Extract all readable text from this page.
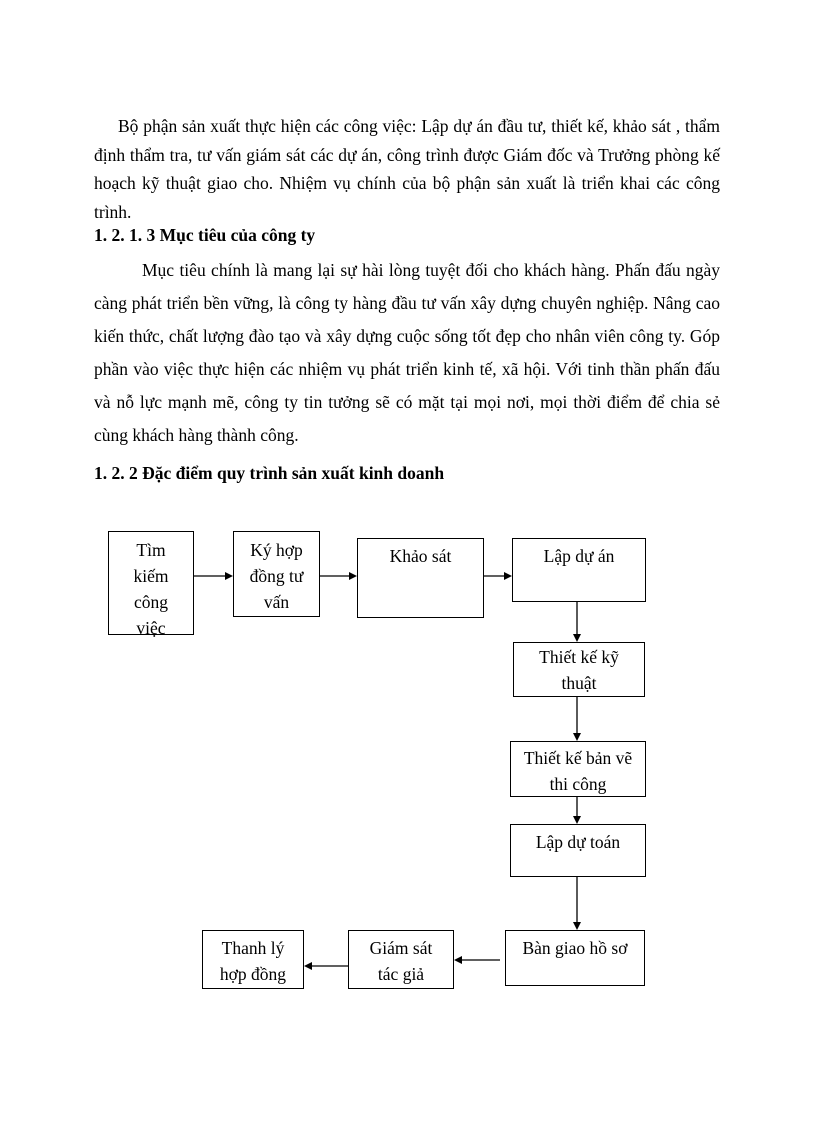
Bộ phận sản xuất thực hiện các công việc: Lập dự án đầu tư, thiết kế, khảo sát , thẩm định thẩm tra, tư vấn giám sát các dự án, công trình được Giám đốc và Trưởng phòng kế hoạch kỹ thuật giao cho. Nhiệm vụ chính của bộ phận sản xuất là triển khai các công trình.
1. 2. 1. 3 Mục tiêu của công ty
Mục tiêu chính là mang lại sự hài lòng tuyệt đối cho khách hàng. Phấn đấu ngày càng phát triển bền vững, là công ty hàng đầu tư vấn xây dựng chuyên nghiệp. Nâng cao kiến thức, chất lượng đào tạo và xây dựng cuộc sống tốt đẹp cho nhân viên công ty. Góp phần vào việc thực hiện các nhiệm vụ phát triển kinh tế, xã hội. Với tinh thần phấn đấu và nỗ lực mạnh mẽ, công ty tin tưởng sẽ có mặt tại mọi nơi, mọi thời điểm để chia sẻ cùng khách hàng thành công.
1. 2. 2 Đặc điểm quy trình sản xuất kinh doanh
Tìm kiếm công việc
Ký hợp đồng tư vấn
Khảo sát	Lập dự án
Thiết kế kỹ thuật
Thiết kế bản vẽ thi công
Lập dự toán
Bàn giao hồ sơ
Giám sát tác giả
Thanh lý hợp đồng
